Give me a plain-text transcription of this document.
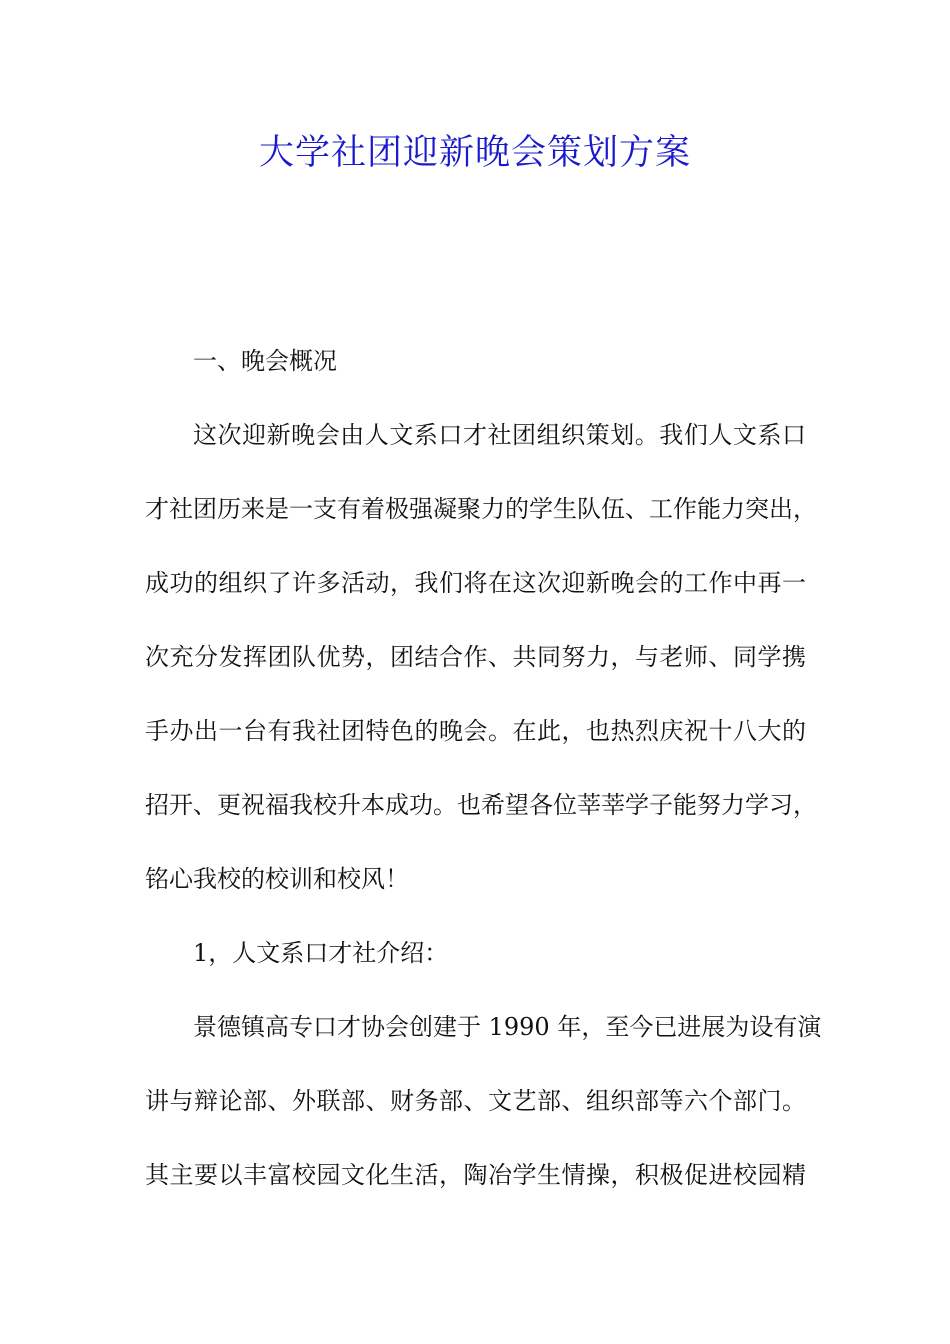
大学社团迎新晚会策划方案
一、晚会概况
这次迎新晚会由人文系口才社团组织策划。我们人文系口
才社团历来是一支有着极强凝聚力的学生队伍、工作能力突出，
成功的组织了许多活动，我们将在这次迎新晚会的工作中再一
次充分发挥团队优势，团结合作、共同努力，与老师、同学携
手办出一台有我社团特色的晚会。在此，也热烈庆祝十八大的
招开、更祝福我校升本成功。也希望各位莘莘学子能努力学习，
铭心我校的校训和校风！
1，人文系口才社介绍：
景德镇高专口才协会创建于 1990 年，至今已进展为设有演
讲与辩论部、外联部、财务部、文艺部、组织部等六个部门。
其主要以丰富校园文化生活，陶冶学生情操，积极促进校园精
